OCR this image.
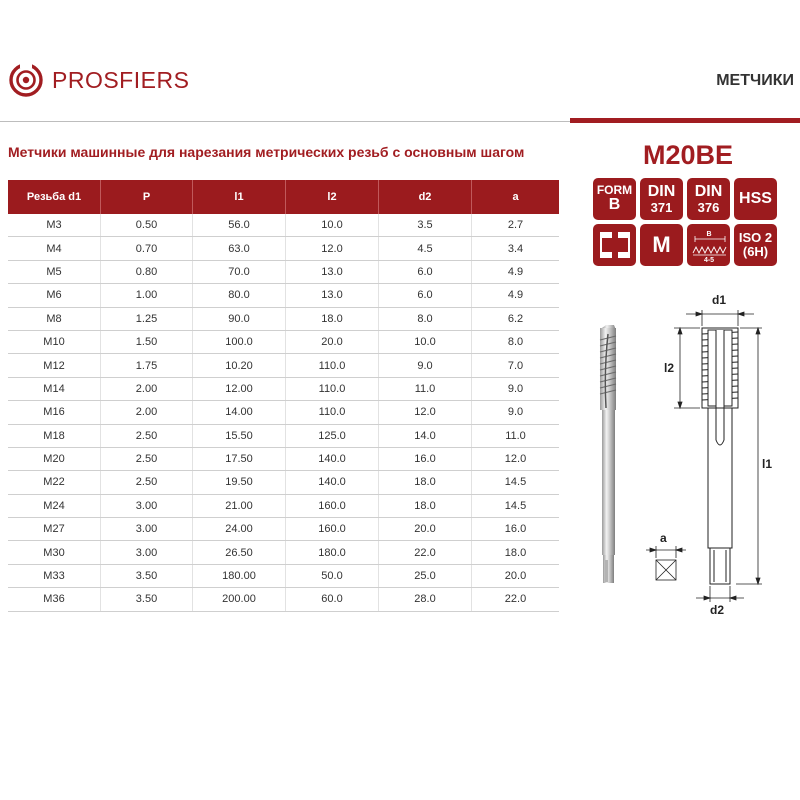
PROSFIERS	МЕТЧИКИ
Метчики машинные для нарезания метрических резьб с основным шагом	M20BE
Резьба d1	P	l1	l2	d2	a
M3	0.50	56.0	10.0	3.5	2.7
M4	0.70	63.0	12.0	4.5	3.4
M5	0.80	70.0	13.0	6.0	4.9
M6	1.00	80.0	13.0	6.0	4.9
M8	1.25	90.0	18.0	8.0	6.2
M10	1.50	100.0	20.0	10.0	8.0
M12	1.75	10.20	110.0	9.0	7.0
M14	2.00	12.00	110.0	11.0	9.0
M16	2.00	14.00	110.0	12.0	9.0
M18	2.50	15.50	125.0	14.0	11.0
M20	2.50	17.50	140.0	16.0	12.0
M22	2.50	19.50	140.0	18.0	14.5
M24	3.00	21.00	160.0	18.0	14.5
M27	3.00	24.00	160.0	20.0	16.0
M30	3.00	26.50	180.0	22.0	18.0
M33	3.50	180.00	50.0	25.0	20.0
M36	3.50	200.00	60.0	28.0	22.0
FORM
B
DIN
371
DIN
376
HSS
M	B
4-5
ISO 2
(6H)
d1
l2
l1
a
d2
